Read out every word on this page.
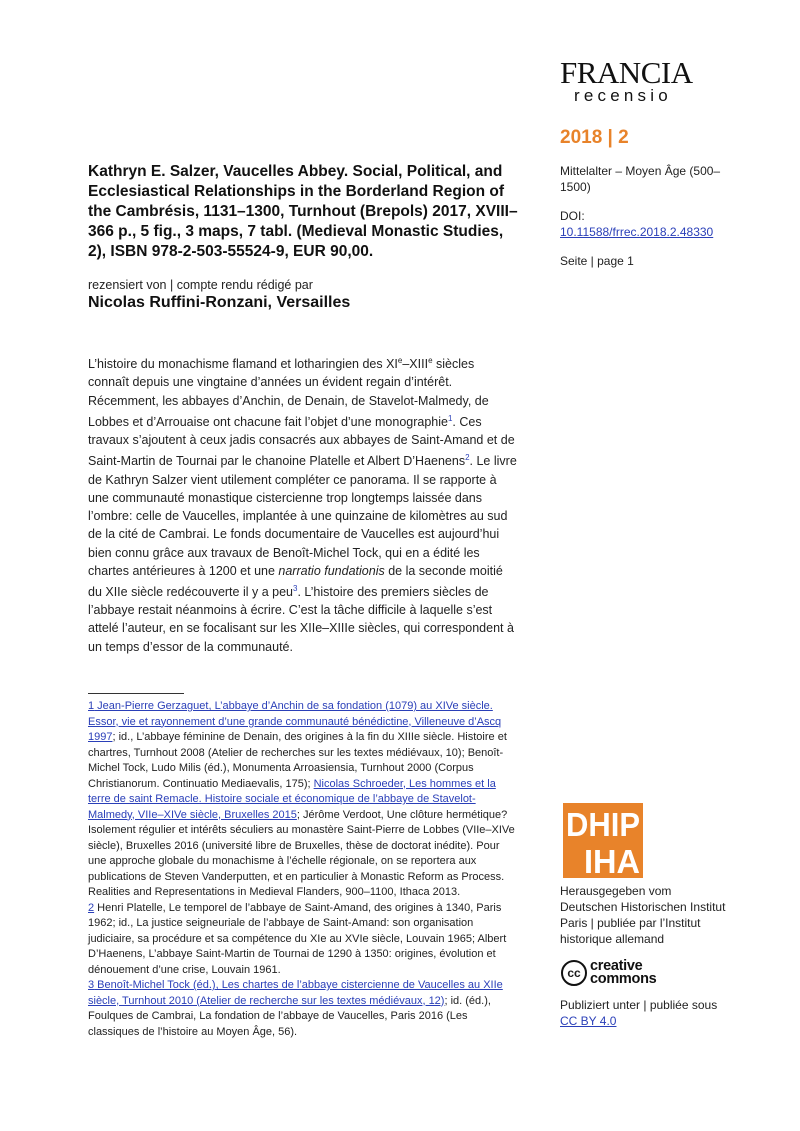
FRANCIA
recensio
2018 | 2
Mittelalter – Moyen Âge (500–1500)
DOI:
10.11588/frrec.2018.2.48330
Seite | page 1
Kathryn E. Salzer, Vaucelles Abbey. Social, Political, and Ecclesiastical Relationships in the Borderland Region of the Cambrésis, 1131–1300, Turnhout (Brepols) 2017, XVIII–366 p., 5 fig., 3 maps, 7 tabl. (Medieval Monastic Studies, 2), ISBN 978-2-503-55524-9, EUR 90,00.
rezensiert von | compte rendu rédigé par
Nicolas Ruffini-Ronzani, Versailles
L’histoire du monachisme flamand et lotharingien des XIe–XIIIe siècles connaît depuis une vingtaine d’années un évident regain d’intérêt. Récemment, les abbayes d’Anchin, de Denain, de Stavelot-Malmedy, de Lobbes et d’Arrouaise ont chacune fait l’objet d’une monographie$^1$. Ces travaux s’ajoutent à ceux jadis consacrés aux abbayes de Saint-Amand et de Saint-Martin de Tournai par le chanoine Platelle et Albert D’Haenens$^2$. Le livre de Kathryn Salzer vient utilement compléter ce panorama. Il se rapporte à une communauté monastique cistercienne trop longtemps laissée dans l’ombre: celle de Vaucelles, implantée à une quinzaine de kilomètres au sud de la cité de Cambrai. Le fonds documentaire de Vaucelles est aujourd’hui bien connu grâce aux travaux de Benoît-Michel Tock, qui en a édité les chartes antérieures à 1200 et une narratio fundationis de la seconde moitié du XIIe siècle redécouverte il y a peu$^3$. L’histoire des premiers siècles de l’abbaye restait néanmoins à écrire. C’est la tâche difficile à laquelle s’est attelé l’auteur, en se focalisant sur les XIIe–XIIIe siècles, qui correspondent à un temps d’essor de la communauté.
1 Jean-Pierre Gerzaguet, L’abbaye d’Anchin de sa fondation (1079) au XIVe siècle. Essor, vie et rayonnement d’une grande communauté bénédictine, Villeneuve d’Ascq 1997; id., L’abbaye féminine de Denain, des origines à la fin du XIIIe siècle. Histoire et chartres, Turnhout 2008 (Atelier de recherches sur les textes médiévaux, 10); Benoît-Michel Tock, Ludo Milis (éd.), Monumenta Arroasiensia, Turnhout 2000 (Corpus Christianorum. Continuatio Mediaevalis, 175); Nicolas Schroeder, Les hommes et la terre de saint Remacle. Histoire sociale et économique de l’abbaye de Stavelot-Malmedy, VIIe–XIVe siècle, Bruxelles 2015; Jérôme Verdoot, Une clôture hermétique? Isolement régulier et intérêts séculiers au monastère Saint-Pierre de Lobbes (VIIe–XIVe siècle), Bruxelles 2016 (université libre de Bruxelles, thèse de doctorat inédite). Pour une approche globale du monachisme à l’échelle régionale, on se reportera aux publications de Steven Vanderputten, et en particulier à Monastic Reform as Process. Realities and Representations in Medieval Flanders, 900–1100, Ithaca 2013.
2 Henri Platelle, Le temporel de l’abbaye de Saint-Amand, des origines à 1340, Paris 1962; id., La justice seigneuriale de l’abbaye de Saint-Amand: son organisation judiciaire, sa procédure et sa compétence du XIe au XVIe siècle, Louvain 1965; Albert D’Haenens, L’abbaye Saint-Martin de Tournai de 1290 à 1350: origines, évolution et dénouement d’une crise, Louvain 1961.
3 Benoît-Michel Tock (éd.), Les chartes de l’abbaye cistercienne de Vaucelles au XIIe siècle, Turnhout 2010 (Atelier de recherche sur les textes médiévaux, 12); id. (éd.), Foulques de Cambrai, La fondation de l’abbaye de Vaucelles, Paris 2016 (Les classiques de l’histoire au Moyen Âge, 56).
DHIP
IHA
Herausgegeben vom Deutschen Historischen Institut Paris | publiée par l’Institut historique allemand
cc creative
commons
Publiziert unter | publiée sous
CC BY 4.0
